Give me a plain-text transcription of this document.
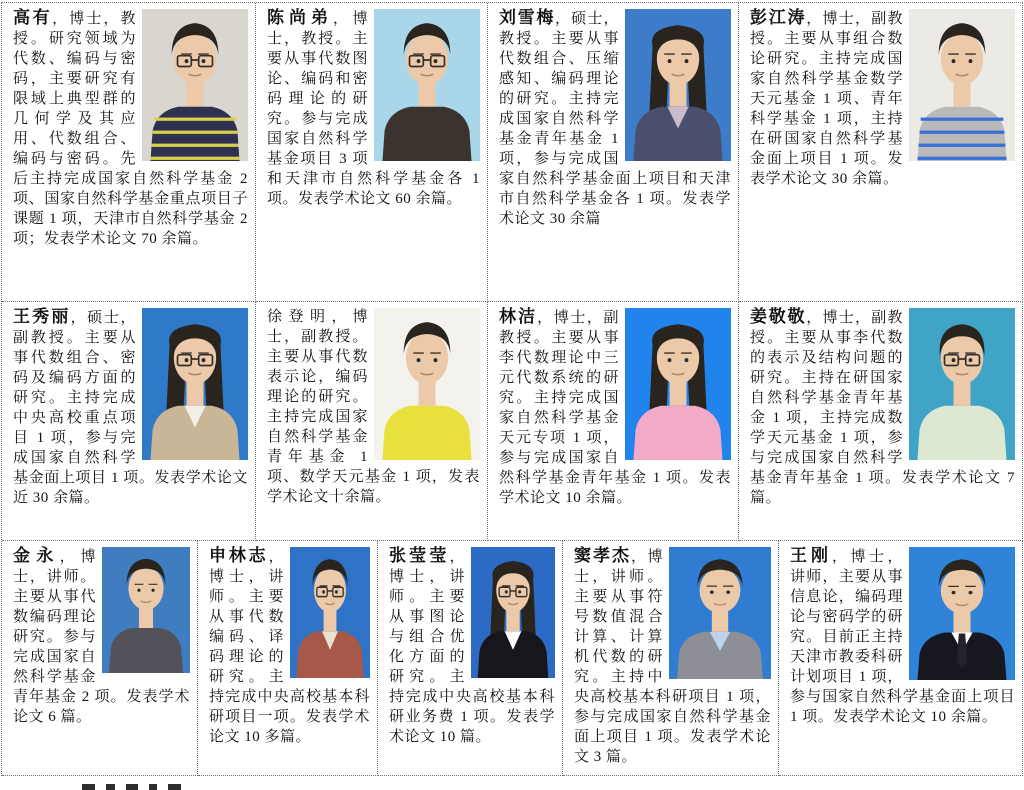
高有，博士，教授。研究领域为代数、编码与密码，主要研究有限域上典型群的几何学及其应用、代数组合、编码与密码。先后主持完成国家自然科学基金 2 项、国家自然科学基金重点项目子课题 1 项，天津市自然科学基金 2 项；发表学术论文 70 余篇。

陈尚弟，博士，教授。主要从事代数图论、编码和密码理论的研究。参与完成国家自然科学基金项目 3 项和天津市自然科学基金各 1 项。发表学术论文 60 余篇。

刘雪梅，硕士，教授。主要从事代数组合、压缩感知、编码理论的研究。主持完成国家自然科学基金青年基金 1 项，参与完成国家自然科学基金面上项目和天津市自然科学基金各 1 项。发表学术论文 30 余篇

彭江涛，博士，副教授。主要从事组合数论研究。主持完成国家自然科学基金数学天元基金 1 项、青年科学基金 1 项，主持在研国家自然科学基金面上项目 1 项。发表学术论文 30 余篇。

王秀丽，硕士，副教授。主要从事代数组合、密码及编码方面的研究。主持完成中央高校重点项目 1 项，参与完成国家自然科学基金面上项目 1 项。发表学术论文近 30 余篇。

徐登明，博士，副教授。主要从事代数表示论，编码理论的研究。主持完成国家自然科学基金青年基金 1 项、数学天元基金 1 项，发表学术论文十余篇。

林洁，博士，副教授。主要从事李代数理论中三元代数系统的研究。主持完成国家自然科学基金天元专项 1 项，参与完成国家自然科学基金青年基金 1 项。发表学术论文 10 余篇。

姜敬敬，博士，副教授。主要从事李代数的表示及结构问题的研究。主持在研国家自然科学基金青年基金 1 项，主持完成数学天元基金 1 项，参与完成国家自然科学基金青年基金 1 项。发表学术论文 7 篇。

金永，博士，讲师。主要从事代数编码理论研究。参与完成国家自然科学基金青年基金 2 项。发表学术论文 6 篇。

申林志，博士，讲师。主要从事代数编码、译码理论的研究。主持完成中央高校基本科研项目一项。发表学术论文 10 多篇。

张莹莹，博士，讲师。主要从事图论与组合优化方面的研究。主持完成中央高校基本科研业务费 1 项。发表学术论文 10 篇。

窦孝杰，博士，讲师。主要从事符号数值混合计算、计算机代数的研究。主持中央高校基本科研项目 1 项，参与完成国家自然科学基金面上项目 1 项。发表学术论文 3 篇。

王刚，博士，讲师，主要从事信息论，编码理论与密码学的研究。目前正主持天津市教委科研计划项目 1 项，参与国家自然科学基金面上项目 1 项。发表学术论文 10 余篇。
